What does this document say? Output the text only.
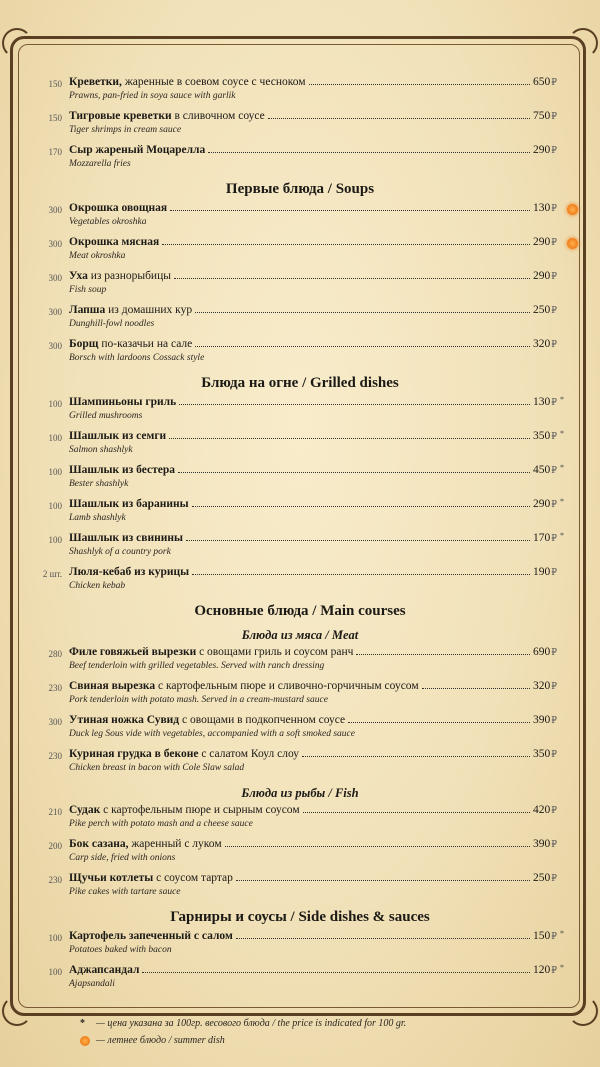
150 Креветки, жаренные в соевом соусе с чесноком	650₽
Prawns, pan-fried in soya sauce with garlik
150 Тигровые креветки в сливочном соусе	750₽
Tiger shrimps in cream sauce
170 Сыр жареный Моцарелла	290₽
Mozzarella fries
Первые блюда / Soups
300 Окрошка овощная	130₽
Vegetables okroshka
300 Окрошка мясная	290₽
Meat okroshka
300 Уха из разнорыбицы	290₽
Fish soup
300 Лапша из домашних кур	250₽
Dunghill-fowl noodles
300 Борщ по-казачьи на сале	320₽
Borsch with lardoons Cossack style
Блюда на огне / Grilled dishes
100 Шампиньоны гриль	130₽ *
Grilled mushrooms
100 Шашлык из семги	350₽ *
Salmon shashlyk
100 Шашлык из бестера	450₽ *
Bester shashlyk
100 Шашлык из баранины	290₽ *
Lamb shashlyk
100 Шашлык из свинины	170₽ *
Shashlyk of a country pork
2 шт. Люля-кебаб из курицы	190₽
Chicken kebab
Основные блюда / Main courses
Блюда из мяса / Meat
280 Филе говяжьей вырезки с овощами гриль и соусом ранч	690₽
Beef tenderloin with grilled vegetables. Served with ranch dressing
230 Свиная вырезка с картофельным пюре и сливочно-горчичным соусом	320₽
Pork tenderloin with potato mash. Served in a cream-mustard sauce
300 Утиная ножка Сувид с овощами в подкопченном соусе	390₽
Duck leg Sous vide with vegetables, accompanied with a soft smoked sauce
230 Куриная грудка в беконе с салатом Коул слоу	350₽
Chicken breast in bacon with Cole Slaw salad
Блюда из рыбы / Fish
210 Судак с картофельным пюре и сырным соусом	420₽
Pike perch with potato mash and a cheese sauce
200 Бок сазана, жаренный с луком	390₽
Carp side, fried with onions
230 Щучьи котлеты с соусом тартар	250₽
Pike cakes with tartare sauce
Гарниры и соусы / Side dishes & sauces
100 Картофель запеченный с салом	150₽ *
Potatoes baked with bacon
100 Аджапсандал	120₽ *
Ajapsandali
*	— цена указана за 100гр. весового блюда / the price is indicated for 100 gr.
— летнее блюдо / summer dish
